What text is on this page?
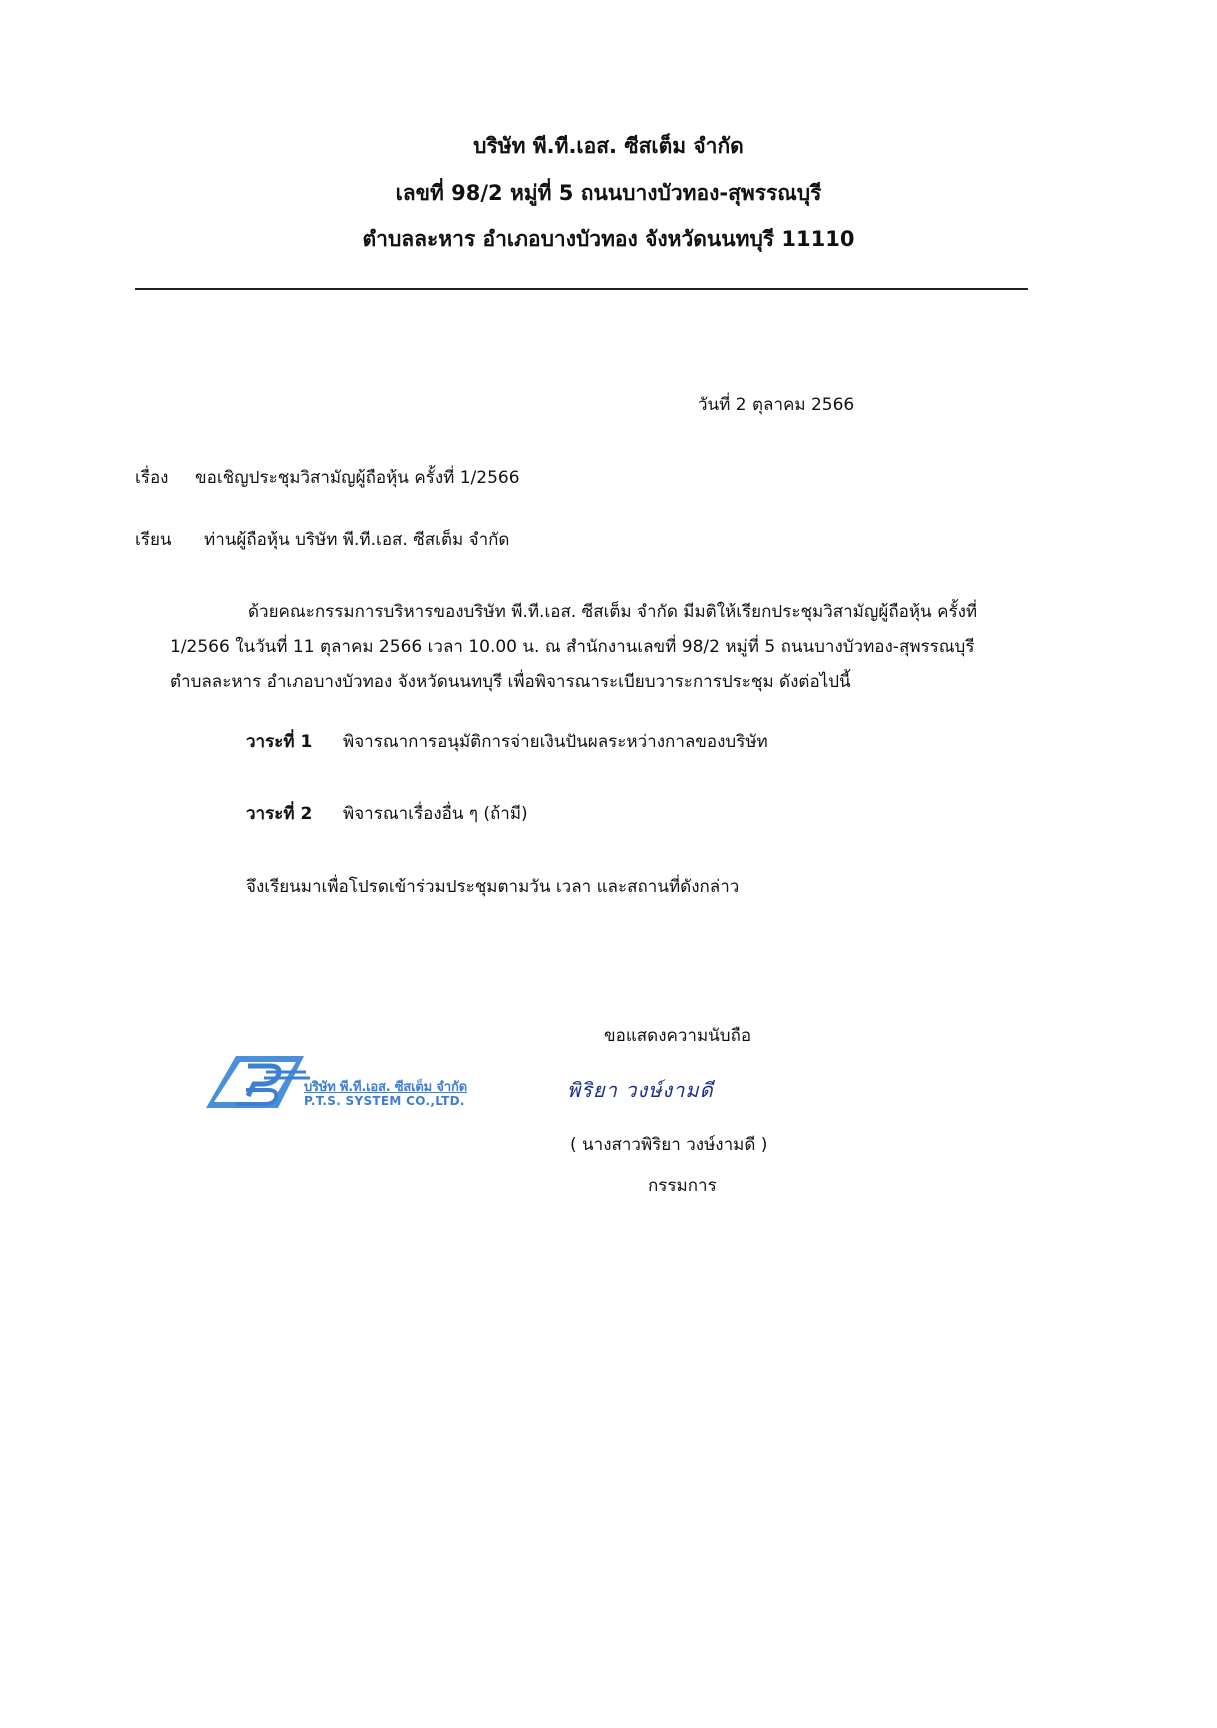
บริษัท พี.ที.เอส. ซีสเต็ม จำกัด
เลขที่ 98/2 หมู่ที่ 5 ถนนบางบัวทอง-สุพรรณบุรี
ตำบลละหาร อำเภอบางบัวทอง จังหวัดนนทบุรี 11110
วันที่ 2 ตุลาคม 2566
เรื่อง ขอเชิญประชุมวิสามัญผู้ถือหุ้น ครั้งที่ 1/2566
เรียน ท่านผู้ถือหุ้น บริษัท พี.ที.เอส. ซีสเต็ม จำกัด
ด้วยคณะกรรมการบริหารของบริษัท พี.ที.เอส. ซีสเต็ม จำกัด มีมติให้เรียกประชุมวิสามัญผู้ถือหุ้น ครั้งที่
1/2566 ในวันที่ 11 ตุลาคม 2566 เวลา 10.00 น. ณ สำนักงานเลขที่ 98/2 หมู่ที่ 5 ถนนบางบัวทอง-สุพรรณบุรี
ตำบลละหาร อำเภอบางบัวทอง จังหวัดนนทบุรี เพื่อพิจารณาระเบียบวาระการประชุม ดังต่อไปนี้
วาระที่ 1 พิจารณาการอนุมัติการจ่ายเงินปันผลระหว่างกาลของบริษัท
วาระที่ 2 พิจารณาเรื่องอื่น ๆ (ถ้ามี)
จึงเรียนมาเพื่อโปรดเข้าร่วมประชุมตามวัน เวลา และสถานที่ดังกล่าว
ขอแสดงความนับถือ
บริษัท พี.ที.เอส. ซีสเต็ม จำกัด
P.T.S. SYSTEM CO.,LTD.	พิริยา วงษ์งามดี
( นางสาวพิริยา วงษ์งามดี )
กรรมการ
